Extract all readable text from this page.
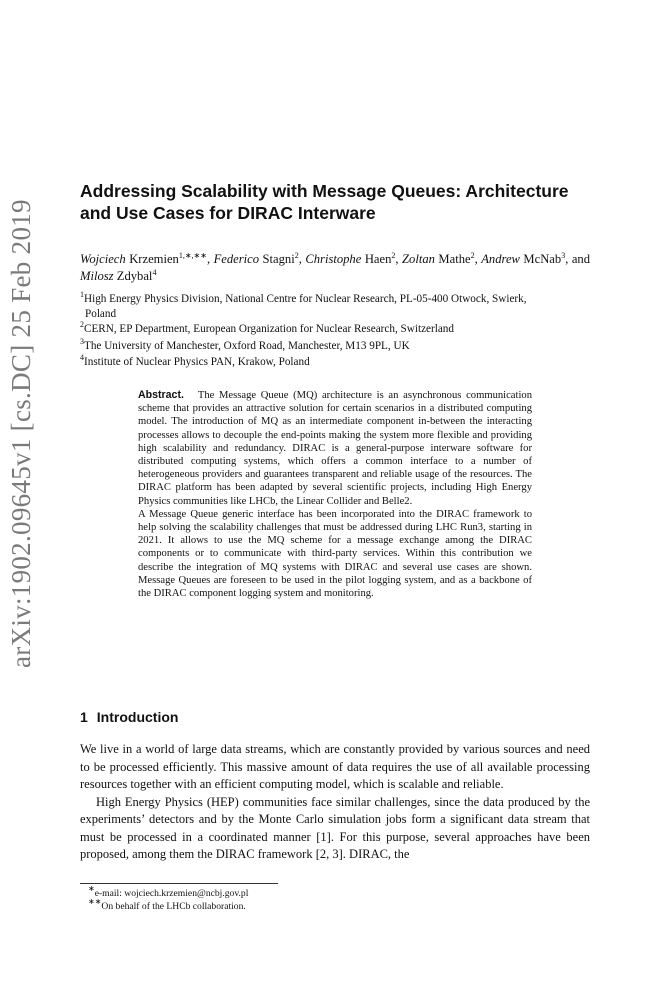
arXiv:1902.09645v1 [cs.DC] 25 Feb 2019
Addressing Scalability with Message Queues: Architecture and Use Cases for DIRAC Interware
Wojciech Krzemien$^{1,∗,∗∗}$, Federico Stagni$^2$, Christophe Haen$^2$, Zoltan Mathe$^2$, Andrew McNab$^3$, and Milosz Zdybal$^4$
$^1$High Energy Physics Division, National Centre for Nuclear Research, PL-05-400 Otwock, Swierk,
Poland
$^2$CERN, EP Department, European Organization for Nuclear Research, Switzerland
$^3$The University of Manchester, Oxford Road, Manchester, M13 9PL, UK
$^4$Institute of Nuclear Physics PAN, Krakow, Poland

Abstract. The Message Queue (MQ) architecture is an asynchronous communication scheme that provides an attractive solution for certain scenarios in a distributed computing model. The introduction of MQ as an intermediate component in-between the interacting processes allows to decouple the end-points making the system more flexible and providing high scalability and redundancy. DIRAC is a general-purpose interware software for distributed computing systems, which offers a common interface to a number of heterogeneous providers and guarantees transparent and reliable usage of the resources. The DIRAC platform has been adapted by several scientific projects, including High Energy Physics communities like LHCb, the Linear Collider and Belle2.

A Message Queue generic interface has been incorporated into the DIRAC framework to help solving the scalability challenges that must be addressed during LHC Run3, starting in 2021. It allows to use the MQ scheme for a message exchange among the DIRAC components or to communicate with third-party services. Within this contribution we describe the integration of MQ systems with DIRAC and several use cases are shown. Message Queues are foreseen to be used in the pilot logging system, and as a backbone of the DIRAC component logging system and monitoring.

1 Introduction

We live in a world of large data streams, which are constantly provided by various sources and need to be processed efficiently. This massive amount of data requires the use of all available processing resources together with an efficient computing model, which is scalable and reliable.

High Energy Physics (HEP) communities face similar challenges, since the data produced by the experiments’ detectors and by the Monte Carlo simulation jobs form a significant data stream that must be processed in a coordinated manner [1]. For this purpose, several approaches have been proposed, among them the DIRAC framework [2, 3]. DIRAC, the

∗e-mail: wojciech.krzemien@ncbj.gov.pl
∗∗On behalf of the LHCb collaboration.
